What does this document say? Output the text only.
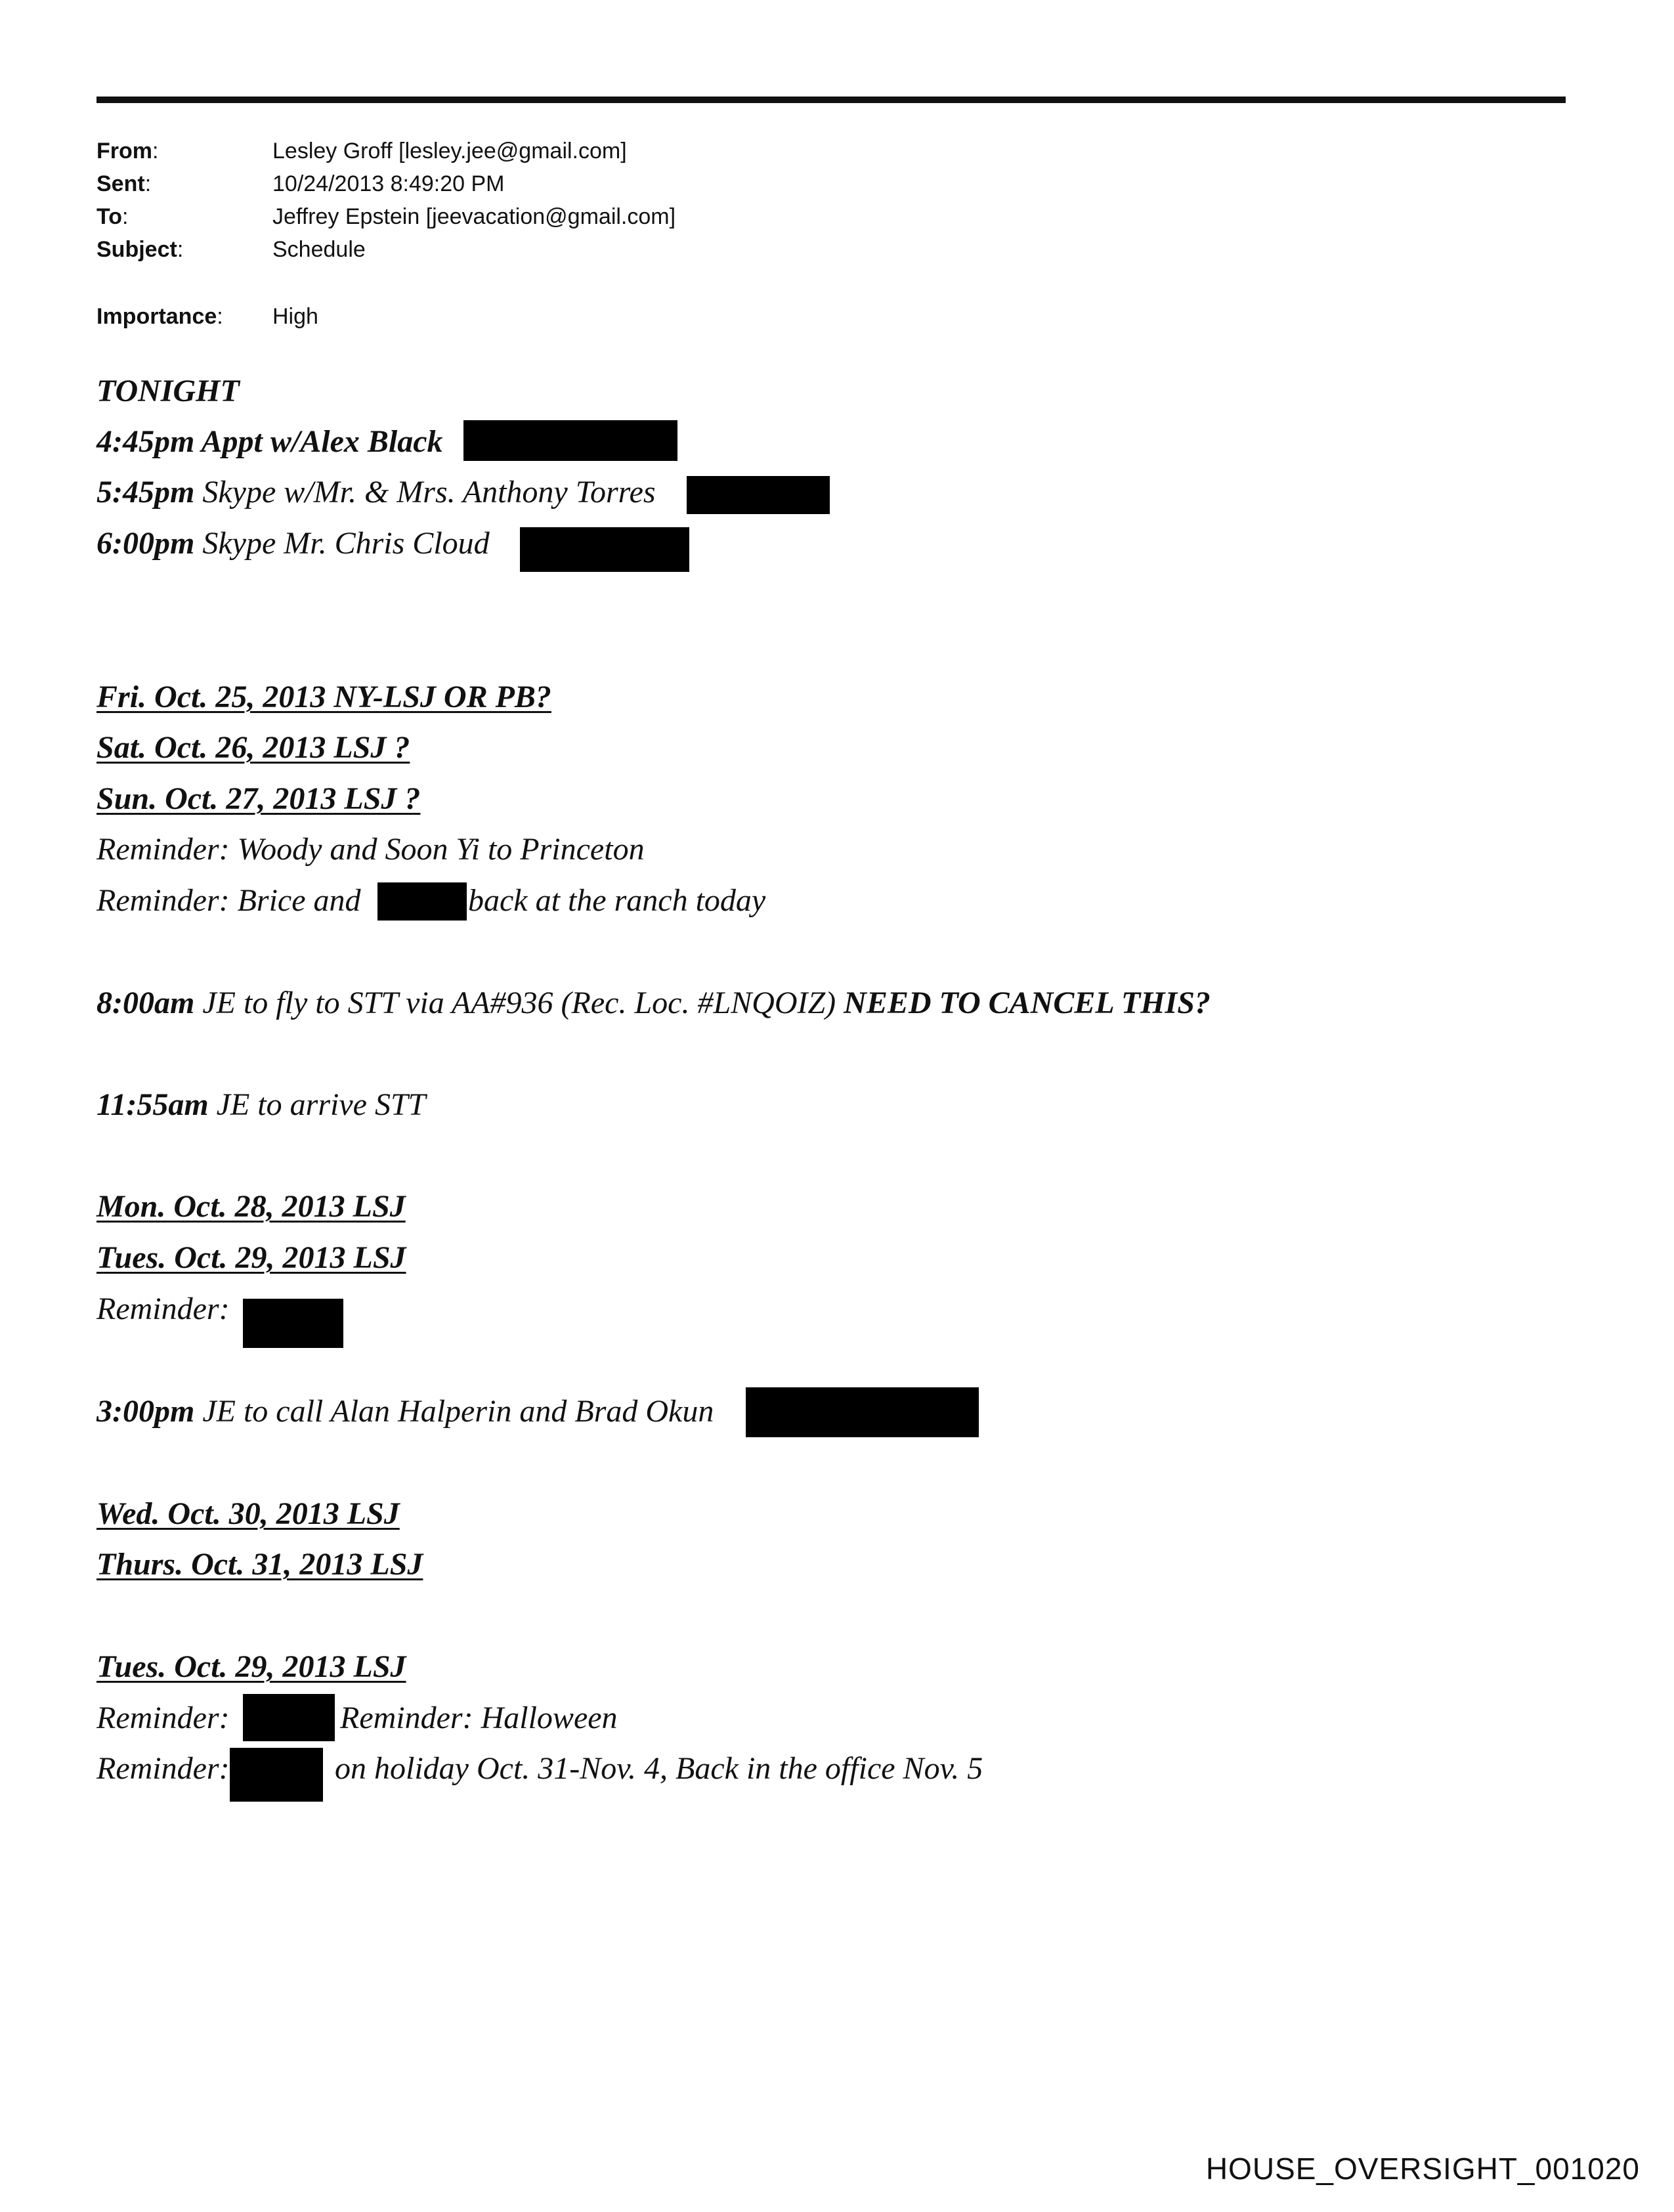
From:	Lesley Groff [lesley.jee@gmail.com]
Sent:	10/24/2013 8:49:20 PM
To:	Jeffrey Epstein [jeevacation@gmail.com]
Subject:	Schedule
Importance:	High
TONIGHT
4:45pm Appt w/Alex Black
5:45pm Skype w/Mr. & Mrs. Anthony Torres
6:00pm Skype Mr. Chris Cloud
Fri. Oct. 25, 2013 NY-LSJ OR PB?
Sat. Oct. 26, 2013 LSJ ?
Sun. Oct. 27, 2013 LSJ ?
Reminder: Woody and Soon Yi to Princeton
Reminder: Brice and	back at the ranch today
8:00am JE to fly to STT via AA#936 (Rec. Loc. #LNQOIZ) NEED TO CANCEL THIS?
11:55am JE to arrive STT
Mon. Oct. 28, 2013 LSJ
Tues. Oct. 29, 2013 LSJ
Reminder:
3:00pm JE to call Alan Halperin and Brad Okun
Wed. Oct. 30, 2013 LSJ
Thurs. Oct. 31, 2013 LSJ
Tues. Oct. 29, 2013 LSJ
Reminder:	Reminder: Halloween
Reminder:	on holiday Oct. 31-Nov. 4, Back in the office Nov. 5
HOUSE_OVERSIGHT_001020
